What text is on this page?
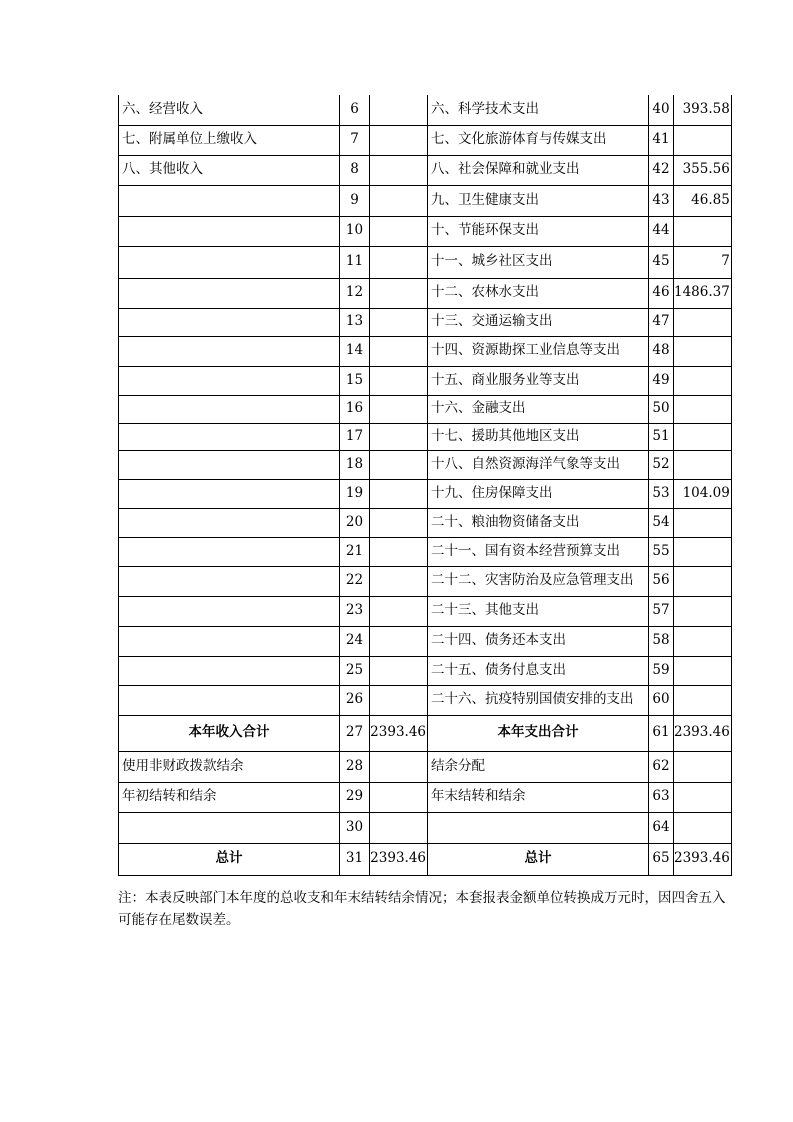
六、经营收入	6		六、科学技术支出	40	393.58
七、附属单位上缴收入	7		七、文化旅游体育与传媒支出	41	
八、其他收入	8		八、社会保障和就业支出	42	355.56
	9		九、卫生健康支出	43	46.85
	10		十、节能环保支出	44	
	11		十一、城乡社区支出	45	7
	12		十二、农林水支出	46	1486.37
	13		十三、交通运输支出	47	
	14		十四、资源勘探工业信息等支出	48	
	15		十五、商业服务业等支出	49	
	16		十六、金融支出	50	
	17		十七、援助其他地区支出	51	
	18		十八、自然资源海洋气象等支出	52	
	19		十九、住房保障支出	53	104.09
	20		二十、粮油物资储备支出	54	
	21		二十一、国有资本经营预算支出	55	
	22		二十二、灾害防治及应急管理支出	56	
	23		二十三、其他支出	57	
	24		二十四、债务还本支出	58	
	25		二十五、债务付息支出	59	
	26		二十六、抗疫特别国债安排的支出	60	
本年收入合计	27	2393.46	本年支出合计	61	2393.46
使用非财政拨款结余	28		结余分配	62	
年初结转和结余	29		年末结转和结余	63	
	30			64	
总计	31	2393.46	总计	65	2393.46
注：本表反映部门本年度的总收支和年末结转结余情况；本套报表金额单位转换成万元时，因四舍五入可能存在尾数误差。
